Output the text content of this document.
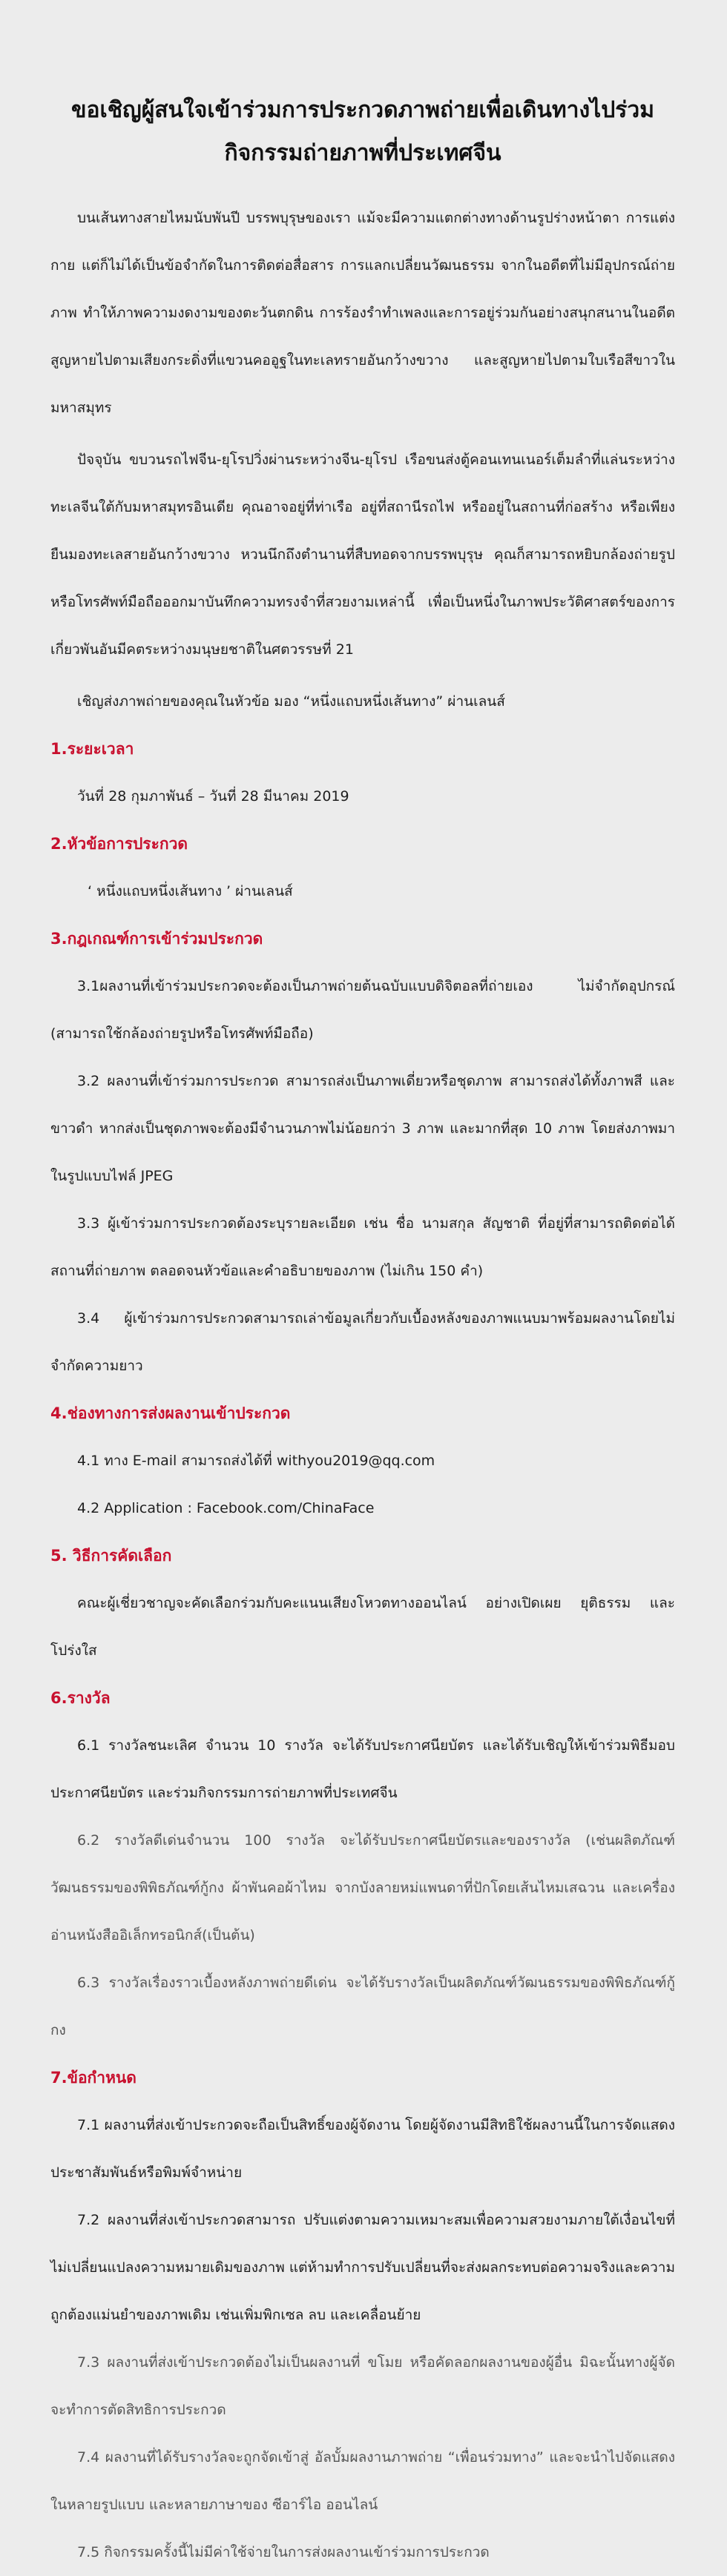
ขอเชิญผู้สนใจเข้าร่วมการประกวดภาพถ่ายเพื่อเดินทางไปร่วม
กิจกรรมถ่ายภาพที่ประเทศจีน

บนเส้นทางสายไหมนับพันปี บรรพบุรุษของเรา แม้จะมีความแตกต่างทางด้านรูปร่างหน้าตา การแต่งกาย แต่ก็ไม่ได้เป็นข้อจำกัดในการติดต่อสื่อสาร การแลกเปลี่ยนวัฒนธรรม จากในอดีตที่ไม่มีอุปกรณ์ถ่ายภาพ ทำให้ภาพความงดงามของตะวันตกดิน การร้องรำทำเพลงและการอยู่ร่วมกันอย่างสนุกสนานในอดีต สูญหายไปตามเสียงกระดิ่งที่แขวนคออูฐในทะเลทรายอันกว้างขวาง และสูญหายไปตามใบเรือสีขาวในมหาสมุทร

ปัจจุบัน ขบวนรถไฟจีน-ยุโรปวิ่งผ่านระหว่างจีน-ยุโรป เรือขนส่งตู้คอนเทนเนอร์เต็มลำที่แล่นระหว่างทะเลจีนใต้กับมหาสมุทรอินเดีย คุณอาจอยู่ที่ท่าเรือ อยู่ที่สถานีรถไฟ หรืออยู่ในสถานที่ก่อสร้าง หรือเพียงยืนมองทะเลสายอันกว้างขวาง หวนนึกถึงตำนานที่สืบทอดจากบรรพบุรุษ คุณก็สามารถหยิบกล้องถ่ายรูปหรือโทรศัพท์มือถือออกมาบันทึกความทรงจำที่สวยงามเหล่านี้ เพื่อเป็นหนึ่งในภาพประวัติศาสตร์ของการเกี่ยวพันอันมีคตระหว่างมนุษยชาติในศตวรรษที่ 21

เชิญส่งภาพถ่ายของคุณในหัวข้อ มอง “หนึ่งแถบหนึ่งเส้นทาง” ผ่านเลนส์

1.ระยะเวลา

วันที่ 28 กุมภาพันธ์ – วันที่ 28 มีนาคม 2019

2.หัวข้อการประกวด

‘ หนึ่งแถบหนึ่งเส้นทาง ’ ผ่านเลนส์

3.กฎเกณฑ์การเข้าร่วมประกวด

3.1ผลงานที่เข้าร่วมประกวดจะต้องเป็นภาพถ่ายต้นฉบับแบบดิจิตอลที่ถ่ายเอง ไม่จำกัดอุปกรณ์ (สามารถใช้กล้องถ่ายรูปหรือโทรศัพท์มือถือ)

3.2 ผลงานที่เข้าร่วมการประกวด สามารถส่งเป็นภาพเดี่ยวหรือชุดภาพ สามารถส่งได้ทั้งภาพสี และขาวดำ หากส่งเป็นชุดภาพจะต้องมีจำนวนภาพไม่น้อยกว่า 3 ภาพ และมากที่สุด 10 ภาพ โดยส่งภาพมาในรูปแบบไฟล์ JPEG

3.3 ผู้เข้าร่วมการประกวดต้องระบุรายละเอียด เช่น ชื่อ นามสกุล สัญชาติ ที่อยู่ที่สามารถติดต่อได้ สถานที่ถ่ายภาพ ตลอดจนหัวข้อและคำอธิบายของภาพ (ไม่เกิน 150 คำ)

3.4 ผู้เข้าร่วมการประกวดสามารถเล่าข้อมูลเกี่ยวกับเบื้องหลังของภาพแนบมาพร้อมผลงานโดยไม่จำกัดความยาว

4.ช่องทางการส่งผลงานเข้าประกวด

4.1 ทาง E-mail สามารถส่งได้ที่ withyou2019@qq.com

4.2 Application : Facebook.com/ChinaFace

5. วิธีการคัดเลือก

คณะผู้เชี่ยวชาญจะคัดเลือกร่วมกับคะแนนเสียงโหวตทางออนไลน์ อย่างเปิดเผย ยุติธรรม และโปร่งใส

6.รางวัล

6.1 รางวัลชนะเลิศ จำนวน 10 รางวัล จะได้รับประกาศนียบัตร และได้รับเชิญให้เข้าร่วมพิธีมอบประกาศนียบัตร และร่วมกิจกรรมการถ่ายภาพที่ประเทศจีน

6.2 รางวัลดีเด่นจำนวน 100 รางวัล จะได้รับประกาศนียบัตรและของรางวัล (เช่นผลิตภัณฑ์วัฒนธรรมของพิพิธภัณฑ์กู้กง ผ้าพันคอผ้าไหม จากบังลายหม่แพนดาที่ปักโดยเส้นไหมเสฉวน และเครื่องอ่านหนังสืออิเล็กทรอนิกส์(เป็นต้น)

6.3 รางวัลเรื่องราวเบื้องหลังภาพถ่ายดีเด่น จะได้รับรางวัลเป็นผลิตภัณฑ์วัฒนธรรมของพิพิธภัณฑ์กู้กง

7.ข้อกำหนด

7.1 ผลงานที่ส่งเข้าประกวดจะถือเป็นสิทธิ์ของผู้จัดงาน โดยผู้จัดงานมีสิทธิใช้ผลงานนี้ในการจัดแสดง ประชาสัมพันธ์หรือพิมพ์จำหน่าย

7.2 ผลงานที่ส่งเข้าประกวดสามารถ ปรับแต่งตามความเหมาะสมเพื่อความสวยงามภายใต้เงื่อนไขที่ไม่เปลี่ยนแปลงความหมายเดิมของภาพ แต่ห้ามทำการปรับเปลี่ยนที่จะส่งผลกระทบต่อความจริงและความถูกต้องแม่นยำของภาพเดิม เช่นเพิ่มพิกเซล ลบ และเคลื่อนย้าย

7.3 ผลงานที่ส่งเข้าประกวดต้องไม่เป็นผลงานที่ ขโมย หรือคัดลอกผลงานของผู้อื่น มิฉะนั้นทางผู้จัดจะทำการตัดสิทธิการประกวด

7.4 ผลงานที่ได้รับรางวัลจะถูกจัดเข้าสู่ อัลบั้มผลงานภาพถ่าย “เพื่อนร่วมทาง” และจะนำไปจัดแสดงในหลายรูปแบบ และหลายภาษาของ ซีอาร์ไอ ออนไลน์

7.5 กิจกรรมครั้งนี้ไม่มีค่าใช้จ่ายในการส่งผลงานเข้าร่วมการประกวด
